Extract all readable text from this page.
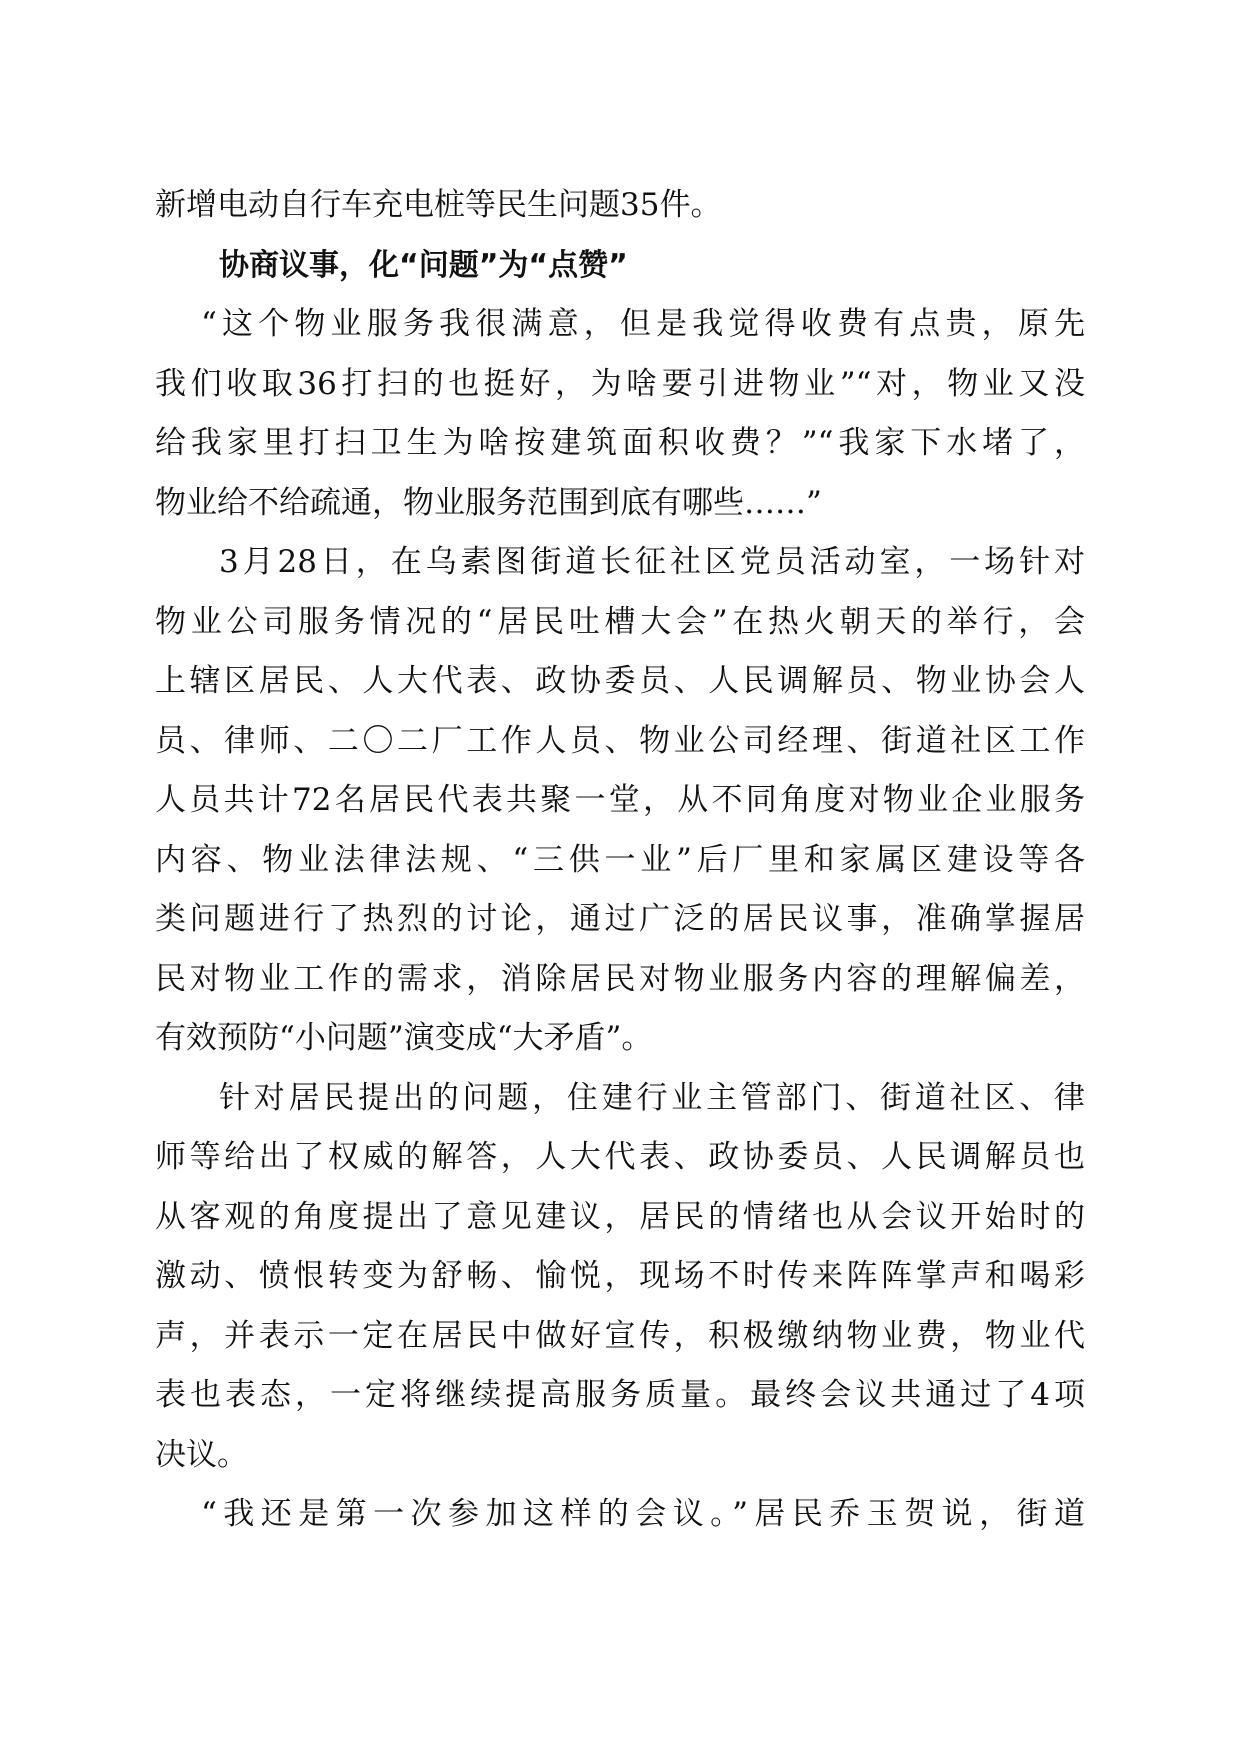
新增电动自行车充电桩等民生问题35件。
协商议事，化“问题”为“点赞”
“这个物业服务我很满意，但是我觉得收费有点贵，原先
我们收取36打扫的也挺好，为啥要引进物业”“对，物业又没
给我家里打扫卫生为啥按建筑面积收费？”“我家下水堵了，
物业给不给疏通，物业服务范围到底有哪些……”
3月28日，在乌素图街道长征社区党员活动室，一场针对
物业公司服务情况的“居民吐槽大会”在热火朝天的举行，会
上辖区居民、人大代表、政协委员、人民调解员、物业协会人
员、律师、二〇二厂工作人员、物业公司经理、街道社区工作
人员共计72名居民代表共聚一堂，从不同角度对物业企业服务
内容、物业法律法规、“三供一业”后厂里和家属区建设等各
类问题进行了热烈的讨论，通过广泛的居民议事，准确掌握居
民对物业工作的需求，消除居民对物业服务内容的理解偏差，
有效预防“小问题”演变成“大矛盾”。
针对居民提出的问题，住建行业主管部门、街道社区、律
师等给出了权威的解答，人大代表、政协委员、人民调解员也
从客观的角度提出了意见建议，居民的情绪也从会议开始时的
激动、愤恨转变为舒畅、愉悦，现场不时传来阵阵掌声和喝彩
声，并表示一定在居民中做好宣传，积极缴纳物业费，物业代
表也表态，一定将继续提高服务质量。最终会议共通过了4项
决议。
“我还是第一次参加这样的会议。”居民乔玉贺说，街道
